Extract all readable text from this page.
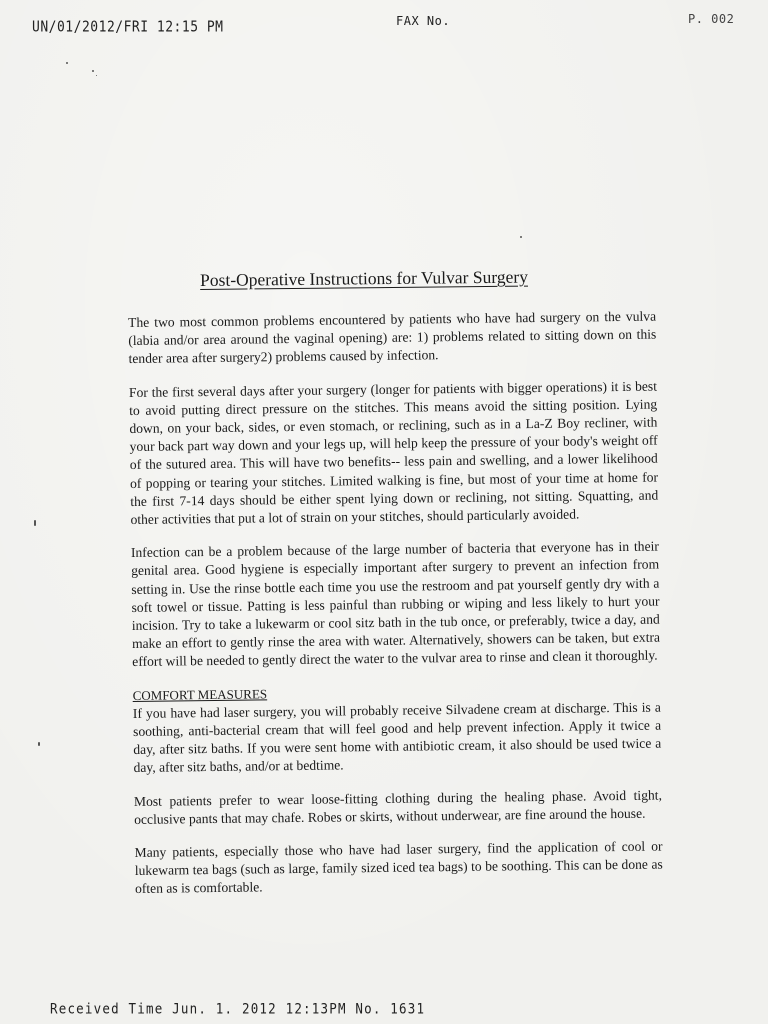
UN/01/2012/FRI 12:15 PM	FAX No.	P. 002
Post-Operative Instructions for Vulvar Surgery

The two most common problems encountered by patients who have had surgery on the vulva (labia and/or area around the vaginal opening) are: 1) problems related to sitting down on this tender area after surgery2) problems caused by infection.

For the first several days after your surgery (longer for patients with bigger operations) it is best to avoid putting direct pressure on the stitches. This means avoid the sitting position. Lying down, on your back, sides, or even stomach, or reclining, such as in a La-Z Boy recliner, with your back part way down and your legs up, will help keep the pressure of your body's weight off of the sutured area. This will have two benefits-- less pain and swelling, and a lower likelihood of popping or tearing your stitches. Limited walking is fine, but most of your time at home for the first 7-14 days should be either spent lying down or reclining, not sitting. Squatting, and other activities that put a lot of strain on your stitches, should particularly avoided.

Infection can be a problem because of the large number of bacteria that everyone has in their genital area. Good hygiene is especially important after surgery to prevent an infection from setting in. Use the rinse bottle each time you use the restroom and pat yourself gently dry with a soft towel or tissue. Patting is less painful than rubbing or wiping and less likely to hurt your incision. Try to take a lukewarm or cool sitz bath in the tub once, or preferably, twice a day, and make an effort to gently rinse the area with water. Alternatively, showers can be taken, but extra effort will be needed to gently direct the water to the vulvar area to rinse and clean it thoroughly.

COMFORT MEASURES

If you have had laser surgery, you will probably receive Silvadene cream at discharge. This is a soothing, anti-bacterial cream that will feel good and help prevent infection. Apply it twice a day, after sitz baths. If you were sent home with antibiotic cream, it also should be used twice a day, after sitz baths, and/or at bedtime.

Most patients prefer to wear loose-fitting clothing during the healing phase. Avoid tight, occlusive pants that may chafe. Robes or skirts, without underwear, are fine around the house.

Many patients, especially those who have had laser surgery, find the application of cool or lukewarm tea bags (such as large, family sized iced tea bags) to be soothing. This can be done as often as is comfortable.

Received Time Jun. 1. 2012 12:13PM No. 1631
